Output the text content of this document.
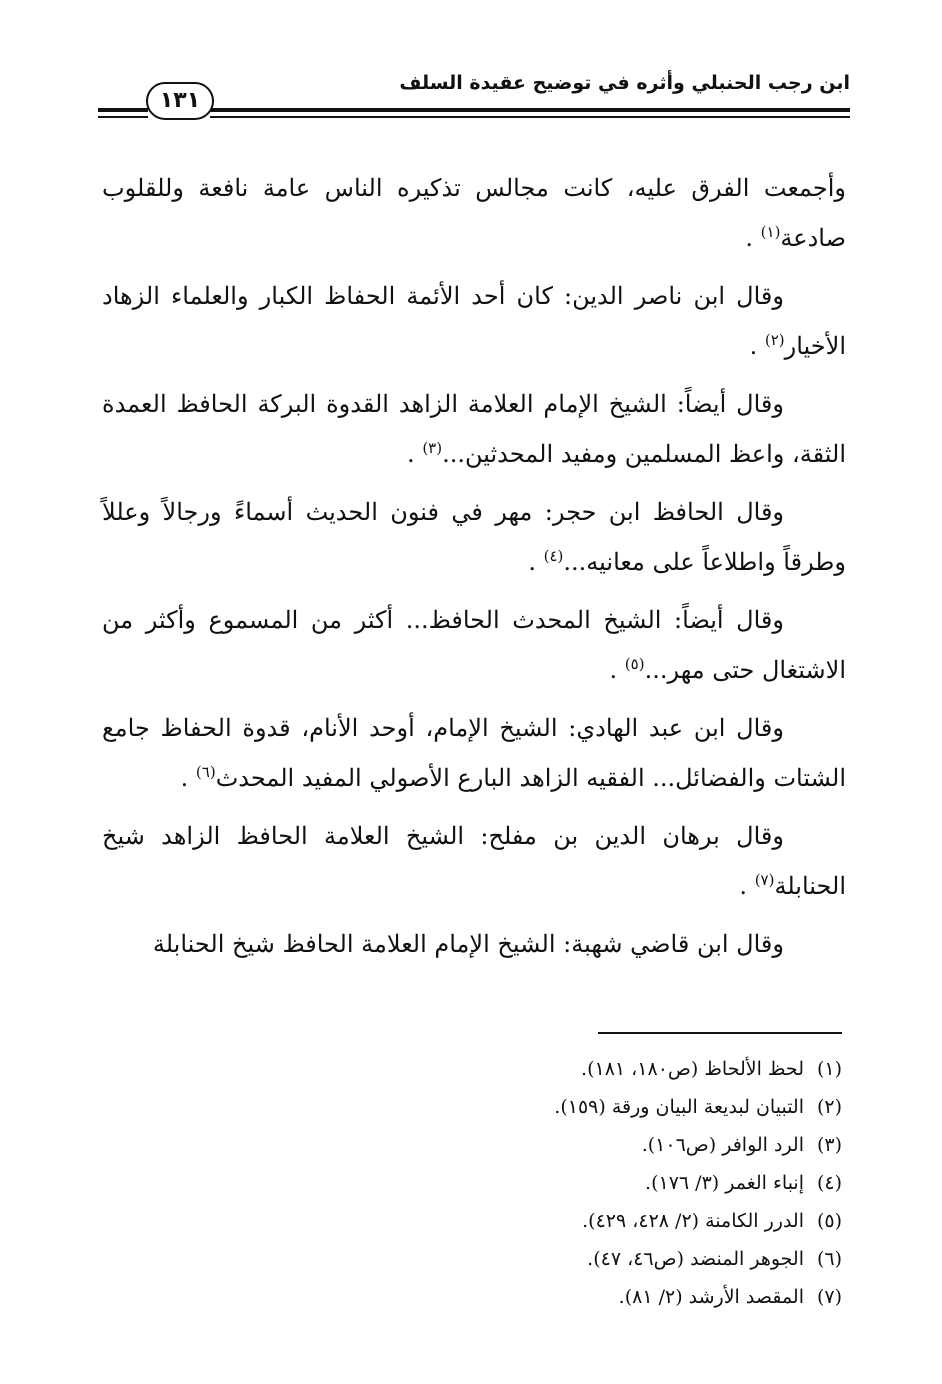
ابن رجب الحنبلي وأثره في توضيح عقيدة السلف
١٣١

وأجمعت الفرق عليه، كانت مجالس تذكيره الناس عامة نافعة وللقلوب صادعة$^{(١)}$ .

وقال ابن ناصر الدين: كان أحد الأئمة الحفاظ الكبار والعلماء الزهاد الأخيار$^{(٢)}$ .

وقال أيضاً: الشيخ الإمام العلامة الزاهد القدوة البركة الحافظ العمدة الثقة، واعظ المسلمين ومفيد المحدثين...$^{(٣)}$ .

وقال الحافظ ابن حجر: مهر في فنون الحديث أسماءً ورجالاً وعللاً وطرقاً واطلاعاً على معانيه...$^{(٤)}$ .

وقال أيضاً: الشيخ المحدث الحافظ... أكثر من المسموع وأكثر من الاشتغال حتى مهر...$^{(٥)}$ .

وقال ابن عبد الهادي: الشيخ الإمام، أوحد الأنام، قدوة الحفاظ جامع الشتات والفضائل... الفقيه الزاهد البارع الأصولي المفيد المحدث$^{(٦)}$ .

وقال برهان الدين بن مفلح: الشيخ العلامة الحافظ الزاهد شيخ الحنابلة$^{(٧)}$ .

وقال ابن قاضي شهبة: الشيخ الإمام العلامة الحافظ شيخ الحنابلة

(١)لحظ الألحاظ (ص١٨٠، ١٨١).
(٢)التبيان لبديعة البيان ورقة (١٥٩).
(٣)الرد الوافر (ص١٠٦).
(٤)إنباء الغمر (٣/ ١٧٦).
(٥)الدرر الكامنة (٢/ ٤٢٨، ٤٢٩).
(٦)الجوهر المنضد (ص٤٦، ٤٧).
(٧)المقصد الأرشد (٢/ ٨١).
